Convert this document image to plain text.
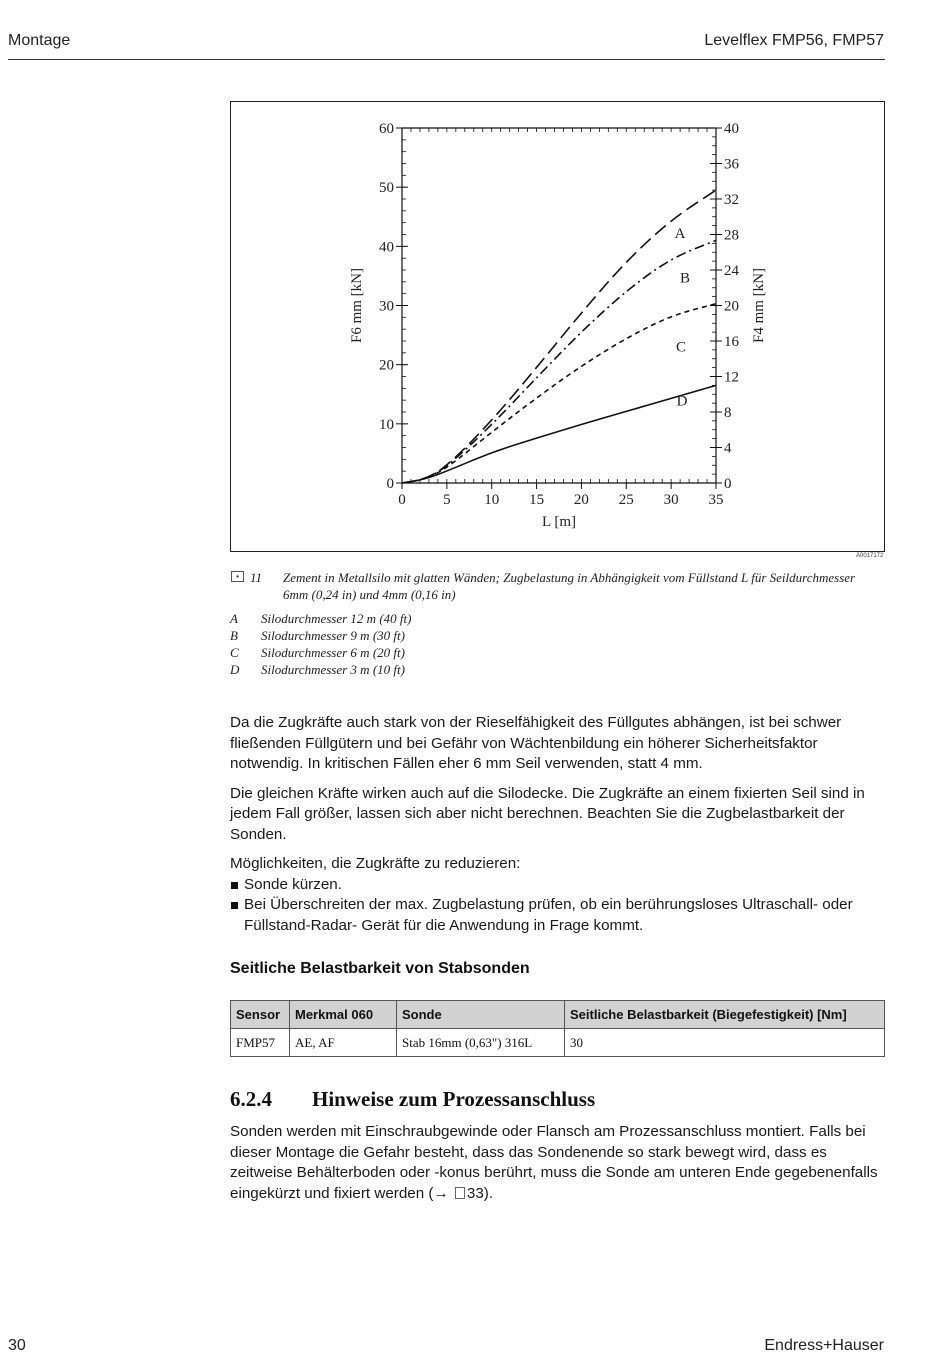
Montage	Levelflex FMP56, FMP57
0 5 10 15 20 25 30 35
0
10
20
30
40
50
60
0
4
8
12
16
20
24
28
32
36
40
L [m]
F6 mm [kN]	F4 mm [kN]
A
B
C
D
A0017172
• 11 Zement in Metallsilo mit glatten Wänden; Zugbelastung in Abhängigkeit vom Füllstand L für Seildurchmesser 6mm (0,24 in) und 4mm (0,16 in)
A Silodurchmesser 12 m (40 ft)
B Silodurchmesser 9 m (30 ft)
C Silodurchmesser 6 m (20 ft)
D Silodurchmesser 3 m (10 ft)

Da die Zugkräfte auch stark von der Rieselfähigkeit des Füllgutes abhängen, ist bei schwer fließenden Füllgütern und bei Gefähr von Wächtenbildung ein höherer Sicherheitsfaktor notwendig. In kritischen Fällen eher 6 mm Seil verwenden, statt 4 mm.

Die gleichen Kräfte wirken auch auf die Silodecke. Die Zugkräfte an einem fixierten Seil sind in jedem Fall größer, lassen sich aber nicht berechnen. Beachten Sie die Zugbelastbarkeit der Sonden.

Möglichkeiten, die Zugkräfte zu reduzieren:

Sonde kürzen.
Bei Überschreiten der max. Zugbelastung prüfen, ob ein berührungsloses Ultraschall- oder Füllstand-Radar- Gerät für die Anwendung in Frage kommt.
Seitliche Belastbarkeit von Stabsonden
Sensor	Merkmal 060	Sonde	Seitliche Belastbarkeit (Biegefestigkeit) [Nm]
FMP57	AE, AF	Stab 16mm (0,63") 316L	30
6.2.4 Hinweise zum Prozessanschluss
Sonden werden mit Einschraubgewinde oder Flansch am Prozessanschluss montiert. Falls bei dieser Montage die Gefahr besteht, dass das Sondenende so stark bewegt wird, dass es zeitweise Behälterboden oder -konus berührt, muss die Sonde am unteren Ende gegebenenfalls eingekürzt und fixiert werden (→ 33).
30	Endress+Hauser
